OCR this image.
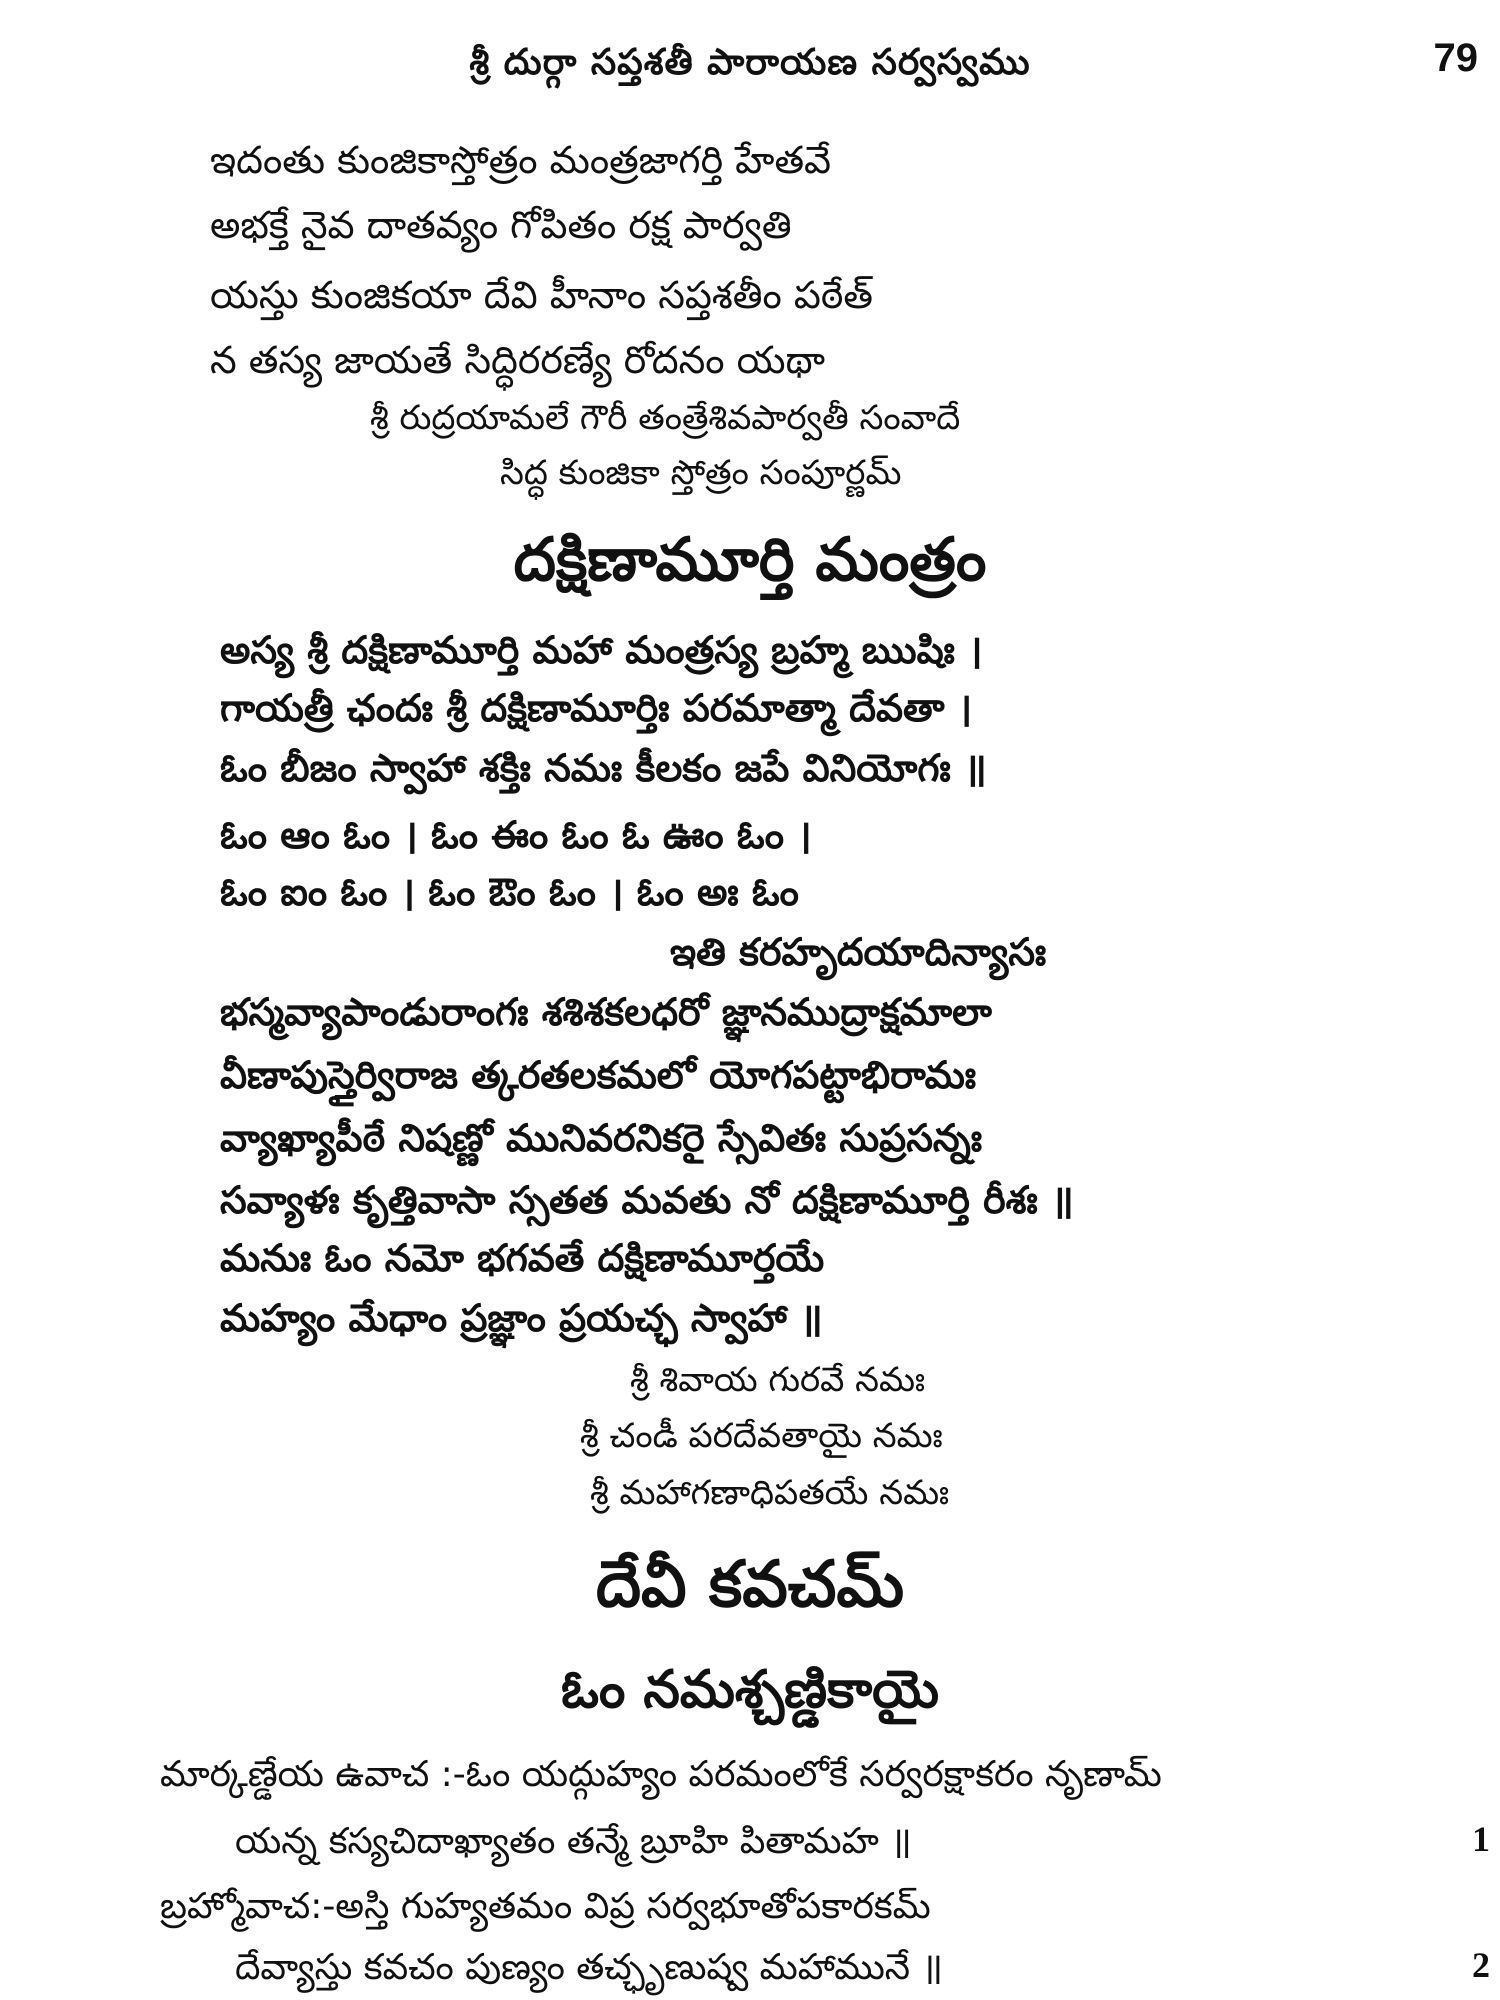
శ్రీ దుర్గా సప్తశతీ పారాయణ సర్వస్వము	79
ఇదంతు కుంజికాస్తోత్రం మంత్రజాగర్తి హేతవే
అభక్తే నైవ దాతవ్యం గోపితం రక్ష పార్వతి
యస్తు కుంజికయా దేవి హీనాం సప్తశతీం పఠేత్
న తస్య జాయతే సిద్ధిరరణ్యే రోదనం యథా
శ్రీ రుద్రయామలే గౌరీ తంత్రేశివపార్వతీ సంవాదే
సిద్ధ కుంజికా స్తోత్రం సంపూర్ణమ్
దక్షిణామూర్తి మంత్రం
అస్య శ్రీ దక్షిణామూర్తి మహా మంత్రస్య బ్రహ్మ ఋషిః ।
గాయత్రీ ఛందః శ్రీ దక్షిణామూర్తిః పరమాత్మా దేవతా ।
ఓం బీజం స్వాహా శక్తిః నమః కీలకం జపే వినియోగః ॥
ఓం ఆం ఓం । ఓం ఈం ఓం ఓ ఊం ఓం ।
ఓం ఐం ఓం । ఓం ఔం ఓం । ఓం అః ఓం
ఇతి కరహృదయాదిన్యాసః
భస్మవ్యాపాండురాంగః శశిశకలధరో జ్ఞానముద్రాక్షమాలా
వీణాపుస్తైర్విరాజ త్కరతలకమలో యోగపట్టాభిరామః
వ్యాఖ్యాపీఠే నిషణ్ణో మునివరనికరై స్సేవితః సుప్రసన్నః
సవ్యాళః కృత్తివాసా స్సతత మవతు నో దక్షిణామూర్తి రీశః ॥
మనుః ఓం నమో భగవతే దక్షిణామూర్తయే
మహ్యం మేధాం ప్రజ్ఞాం ప్రయచ్ఛ స్వాహా ॥
శ్రీ శివాయ గురవే నమః
శ్రీ చండీ పరదేవతాయై నమః
శ్రీ మహాగణాధిపతయే నమః
దేవీ కవచమ్
ఓం నమశ్చణ్డికాయై
మార్కణ్డేయ ఉవాచ :-ఓం యద్గుహ్యం పరమంలోకే సర్వరక్షాకరం నృణామ్
యన్న కస్యచిదాఖ్యాతం తన్మే బ్రూహి పితామహ ॥	1
బ్రహ్మోవాచ:-అస్తి గుహ్యతమం విప్ర సర్వభూతోపకారకమ్
దేవ్యాస్తు కవచం పుణ్యం తచ్ఛృణుష్వ మహామునే ॥	2
